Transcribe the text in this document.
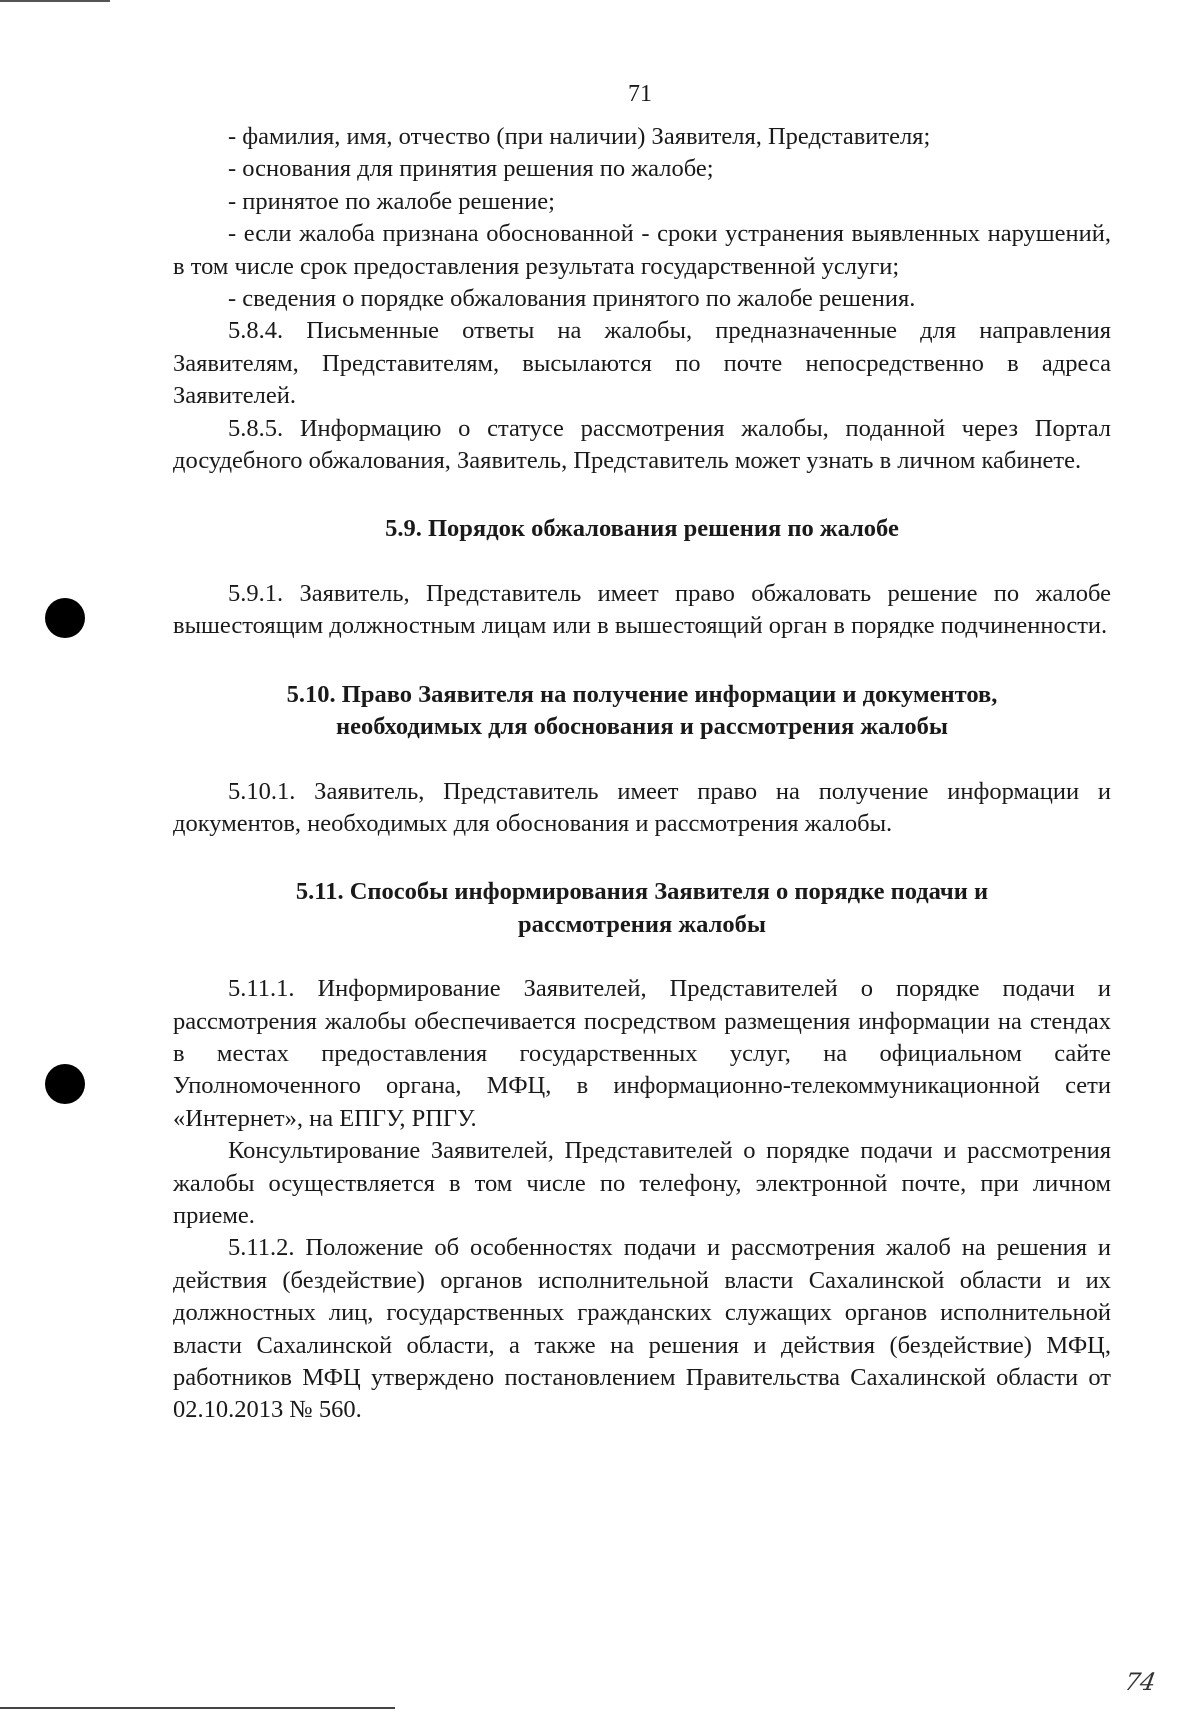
71

- фамилия, имя, отчество (при наличии) Заявителя, Представителя;

- основания для принятия решения по жалобе;

- принятое по жалобе решение;

- если жалоба признана обоснованной - сроки устранения выявленных нарушений, в том числе срок предоставления результата государственной услуги;

- сведения о порядке обжалования принятого по жалобе решения.

5.8.4. Письменные ответы на жалобы, предназначенные для направления Заявителям, Представителям, высылаются по почте непосредственно в адреса Заявителей.

5.8.5. Информацию о статусе рассмотрения жалобы, поданной через Портал досудебного обжалования, Заявитель, Представитель может узнать в личном кабинете.

5.9. Порядок обжалования решения по жалобе

5.9.1. Заявитель, Представитель имеет право обжаловать решение по жалобе вышестоящим должностным лицам или в вышестоящий орган в порядке подчиненности.

5.10. Право Заявителя на получение информации и документов,
необходимых для обоснования и рассмотрения жалобы

5.10.1. Заявитель, Представитель имеет право на получение информации и документов, необходимых для обоснования и рассмотрения жалобы.

5.11. Способы информирования Заявителя о порядке подачи и
рассмотрения жалобы

5.11.1. Информирование Заявителей, Представителей о порядке подачи и рассмотрения жалобы обеспечивается посредством размещения информации на стендах в местах предоставления государственных услуг, на официальном сайте Уполномоченного органа, МФЦ, в информационно-телекоммуникационной сети «Интернет», на ЕПГУ, РПГУ.

Консультирование Заявителей, Представителей о порядке подачи и рассмотрения жалобы осуществляется в том числе по телефону, электронной почте, при личном приеме.

5.11.2. Положение об особенностях подачи и рассмотрения жалоб на решения и действия (бездействие) органов исполнительной власти Сахалинской области и их должностных лиц, государственных гражданских служащих органов исполнительной власти Сахалинской области, а также на решения и действия (бездействие) МФЦ, работников МФЦ утверждено постановлением Правительства Сахалинской области от 02.10.2013 № 560.

74
